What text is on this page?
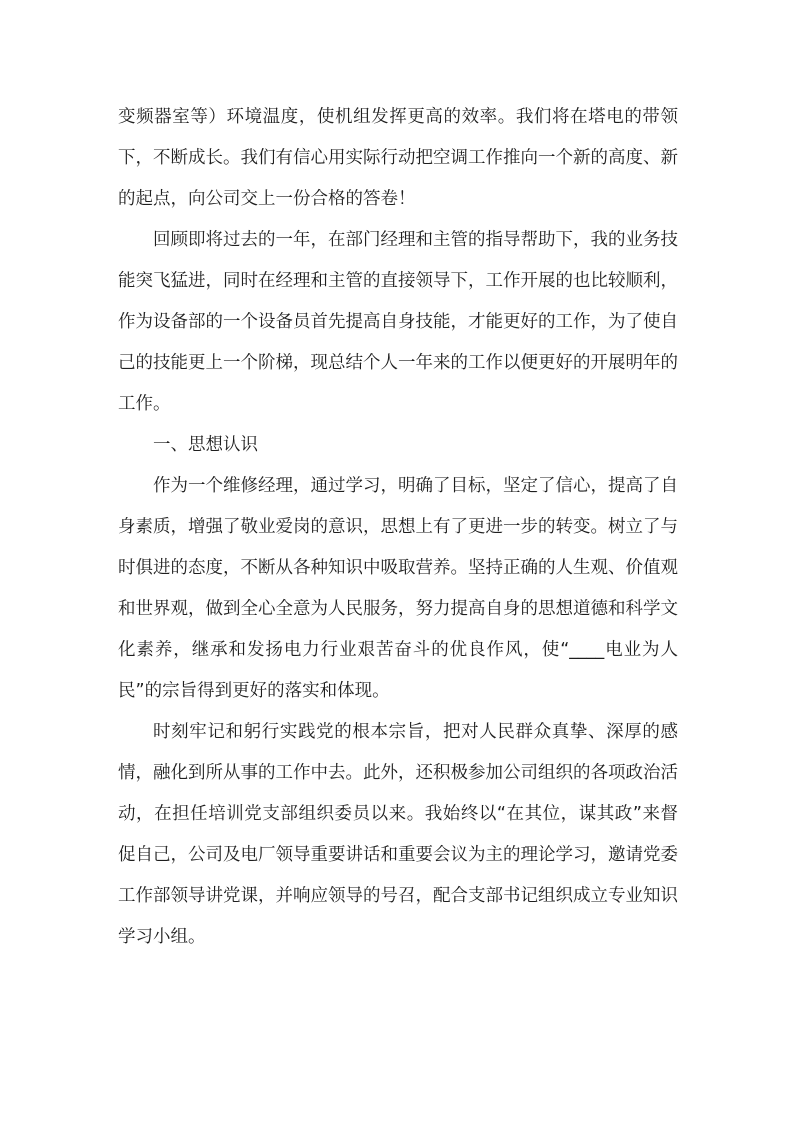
变频器室等）环境温度，使机组发挥更高的效率。我们将在塔电的带领下，不断成长。我们有信心用实际行动把空调工作推向一个新的高度、新的起点，向公司交上一份合格的答卷！

回顾即将过去的一年，在部门经理和主管的指导帮助下，我的业务技能突飞猛进，同时在经理和主管的直接领导下，工作开展的也比较顺利，作为设备部的一个设备员首先提高自身技能，才能更好的工作，为了使自己的技能更上一个阶梯，现总结个人一年来的工作以便更好的开展明年的工作。

一、思想认识

作为一个维修经理，通过学习，明确了目标，坚定了信心，提高了自身素质，增强了敬业爱岗的意识，思想上有了更进一步的转变。树立了与时俱进的态度，不断从各种知识中吸取营养。坚持正确的人生观、价值观和世界观，做到全心全意为人民服务，努力提高自身的思想道德和科学文化素养，继承和发扬电力行业艰苦奋斗的优良作风，使“____电业为人民”的宗旨得到更好的落实和体现。

时刻牢记和躬行实践党的根本宗旨，把对人民群众真挚、深厚的感情，融化到所从事的工作中去。此外，还积极参加公司组织的各项政治活动，在担任培训党支部组织委员以来。我始终以“在其位，谋其政”来督促自己，公司及电厂领导重要讲话和重要会议为主的理论学习，邀请党委工作部领导讲党课，并响应领导的号召，配合支部书记组织成立专业知识学习小组。
